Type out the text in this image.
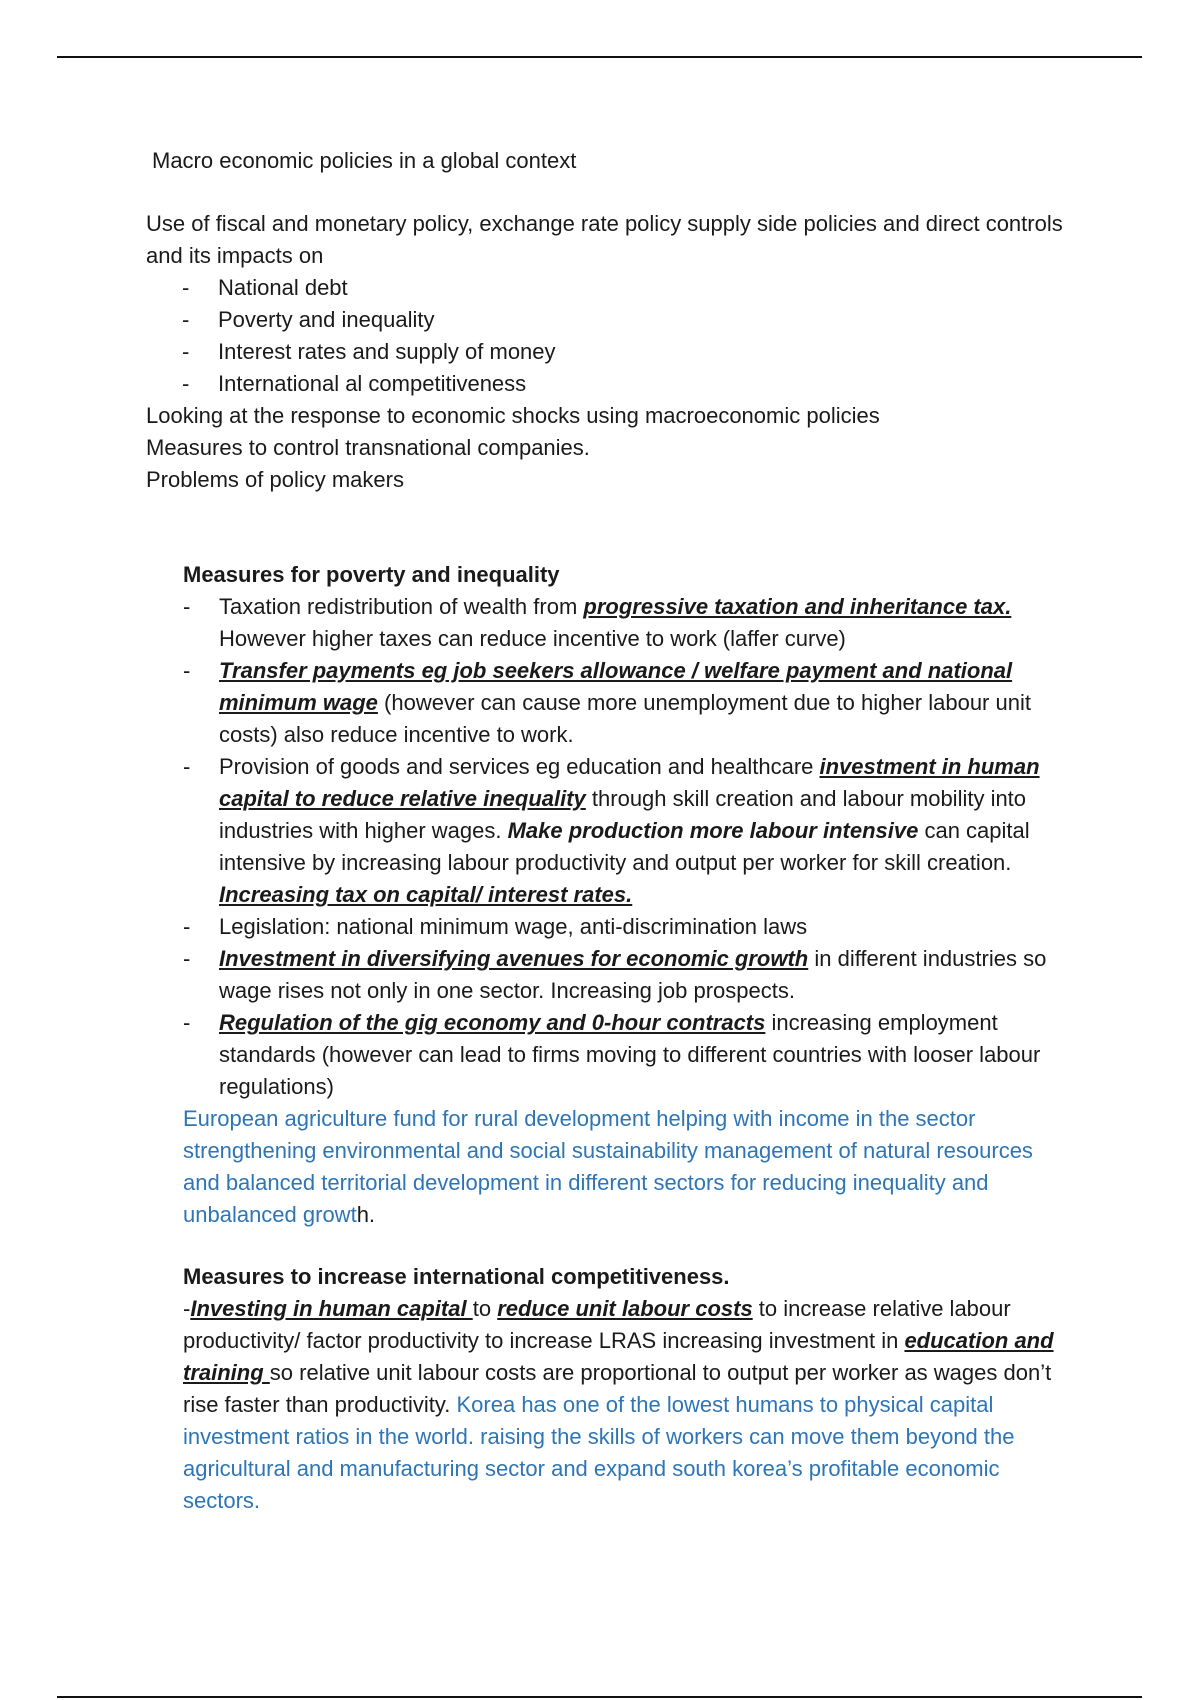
Macro economic policies in a global context
Use of fiscal and monetary policy, exchange rate policy supply side policies and direct controls and its impacts on
- National debt
- Poverty and inequality
- Interest rates and supply of money
- International al competitiveness
Looking at the response to economic shocks using macroeconomic policies
Measures to control transnational companies.
Problems of policy makers
Measures for poverty and inequality
- Taxation redistribution of wealth from progressive taxation and inheritance tax. However higher taxes can reduce incentive to work (laffer curve)
- Transfer payments eg job seekers allowance / welfare payment and national minimum wage (however can cause more unemployment due to higher labour unit costs) also reduce incentive to work.
- Provision of goods and services eg education and healthcare investment in human capital to reduce relative inequality through skill creation and labour mobility into industries with higher wages. Make production more labour intensive can capital intensive by increasing labour productivity and output per worker for skill creation. Increasing tax on capital/ interest rates.
- Legislation: national minimum wage, anti-discrimination laws
- Investment in diversifying avenues for economic growth in different industries so wage rises not only in one sector. Increasing job prospects.
- Regulation of the gig economy and 0-hour contracts increasing employment standards (however can lead to firms moving to different countries with looser labour regulations)
European agriculture fund for rural development helping with income in the sector strengthening environmental and social sustainability management of natural resources and balanced territorial development in different sectors for reducing inequality and unbalanced growth.
Measures to increase international competitiveness.
-Investing in human capital to reduce unit labour costs to increase relative labour productivity/ factor productivity to increase LRAS increasing investment in education and training so relative unit labour costs are proportional to output per worker as wages don’t rise faster than productivity. Korea has one of the lowest humans to physical capital investment ratios in the world. raising the skills of workers can move them beyond the agricultural and manufacturing sector and expand south korea’s profitable economic sectors.
